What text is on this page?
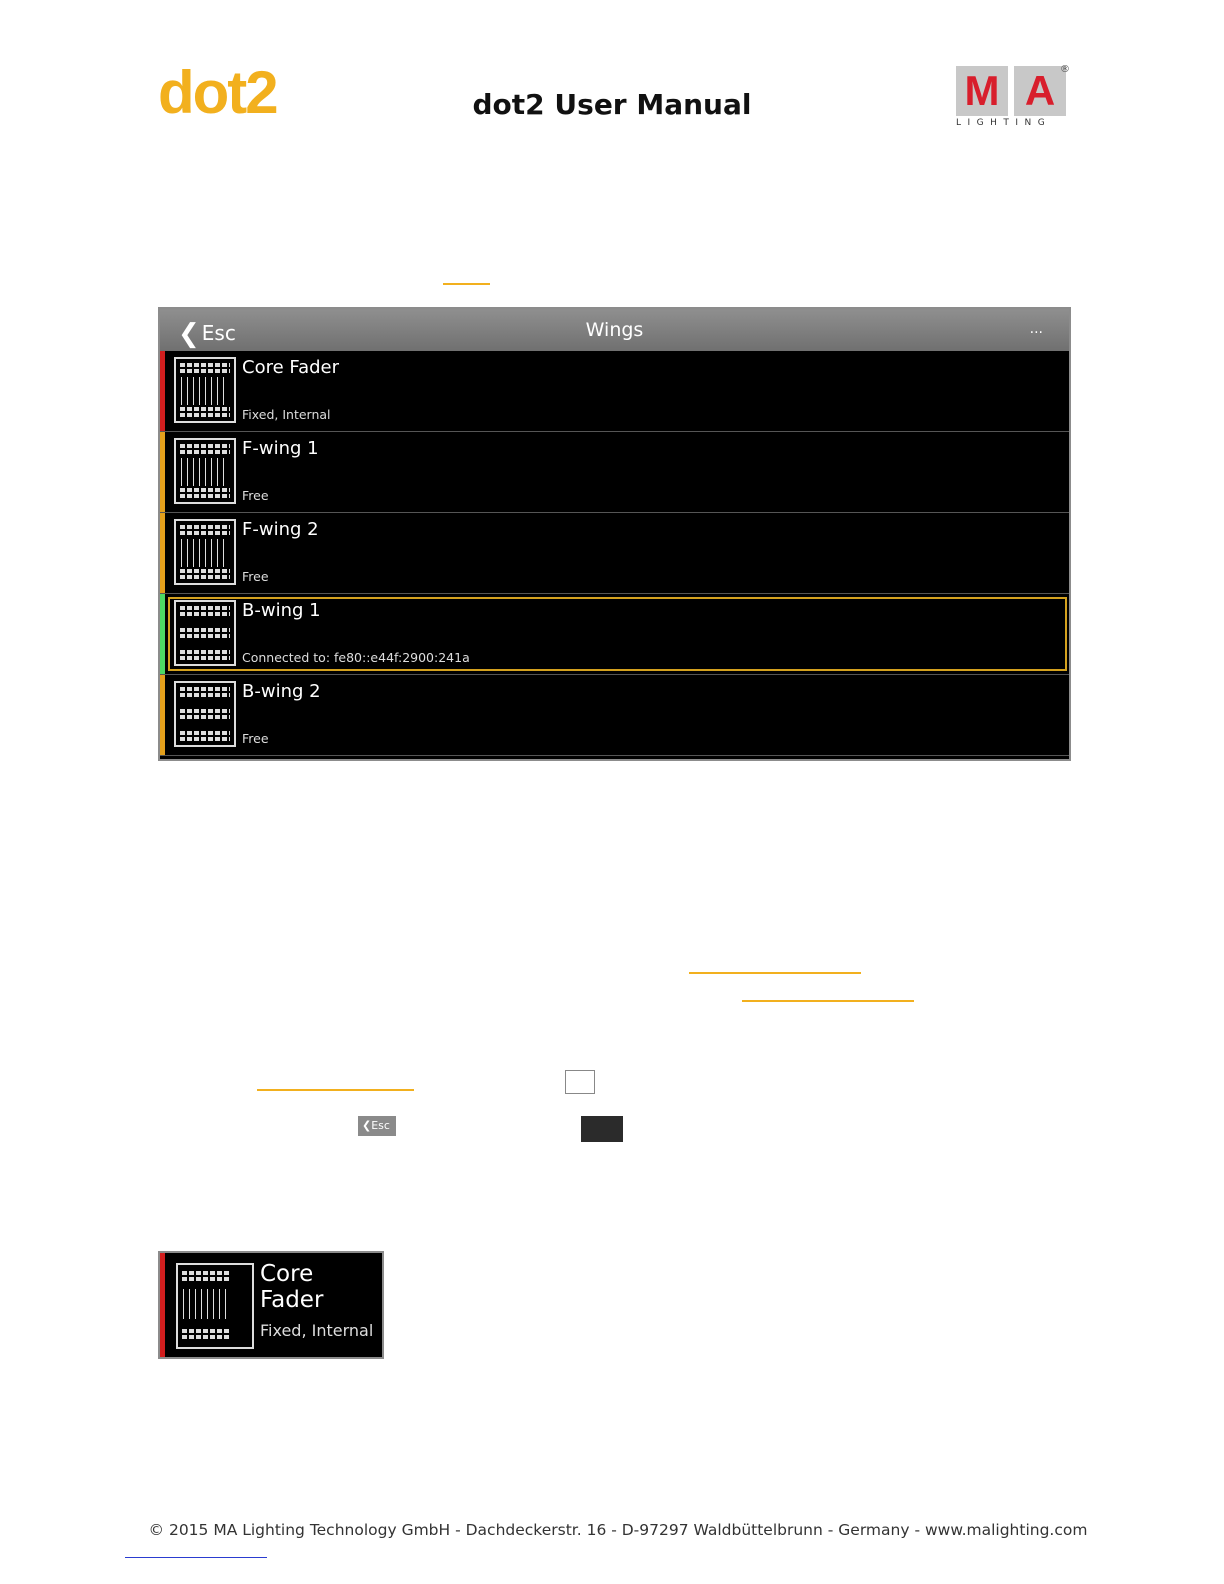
dot2	dot2 User Manual	M A ®
LIGHTING
❮ Esc	Wings	...
Core Fader
Fixed, Internal
F-wing 1
Free
F-wing 2
Free
B-wing 1
Connected to: fe80::e44f:2900:241a
B-wing 2
Free
❮Esc
Core Fader
Fixed, Internal
© 2015 MA Lighting Technology GmbH - Dachdeckerstr. 16 - D-97297 Waldbüttelbrunn - Germany - www.malighting.com
